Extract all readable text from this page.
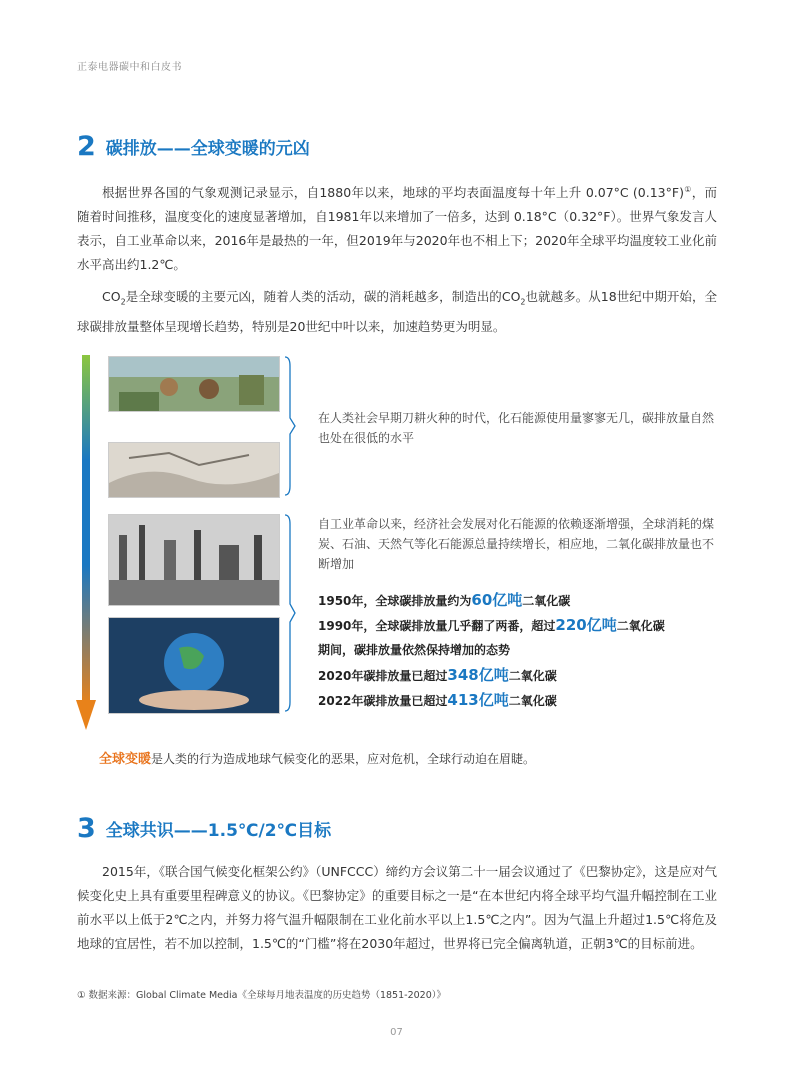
正泰电器碳中和白皮书
2 碳排放——全球变暖的元凶
根据世界各国的气象观测记录显示，自1880年以来，地球的平均表面温度每十年上升 0.07°C (0.13°F)①，而随着时间推移，温度变化的速度显著增加，自1981年以来增加了一倍多，达到 0.18°C（0.32°F）。世界气象发言人表示，自工业革命以来，2016年是最热的一年，但2019年与2020年也不相上下；2020年全球平均温度较工业化前水平高出约1.2℃。
$CO_2$是全球变暖的主要元凶，随着人类的活动，碳的消耗越多，制造出的$CO_2$也就越多。从18世纪中期开始，全球碳排放量整体呈现增长趋势，特别是20世纪中叶以来，加速趋势更为明显。
在人类社会早期刀耕火种的时代，化石能源使用量寥寥无几，碳排放量自然也处在很低的水平
自工业革命以来，经济社会发展对化石能源的依赖逐渐增强，全球消耗的煤炭、石油、天然气等化石能源总量持续增长，相应地，二氧化碳排放量也不断增加
1950年，全球碳排放量约为60亿吨二氧化碳
1990年，全球碳排放量几乎翻了两番，超过220亿吨二氧化碳
期间，碳排放量依然保持增加的态势
2020年碳排放量已超过348亿吨二氧化碳
2022年碳排放量已超过413亿吨二氧化碳
全球变暖是人类的行为造成地球气候变化的恶果，应对危机，全球行动迫在眉睫。
3 全球共识——1.5℃/2℃目标
2015年，《联合国气候变化框架公约》（UNFCCC）缔约方会议第二十一届会议通过了《巴黎协定》，这是应对气候变化史上具有重要里程碑意义的协议。《巴黎协定》的重要目标之一是“在本世纪内将全球平均气温升幅控制在工业前水平以上低于2℃之内，并努力将气温升幅限制在工业化前水平以上1.5℃之内”。因为气温上升超过1.5℃将危及地球的宜居性，若不加以控制，1.5℃的“门槛”将在2030年超过，世界将已完全偏离轨道，正朝3℃的目标前进。
① 数据来源：Global Climate Media《全球每月地表温度的历史趋势（1851-2020）》
07
